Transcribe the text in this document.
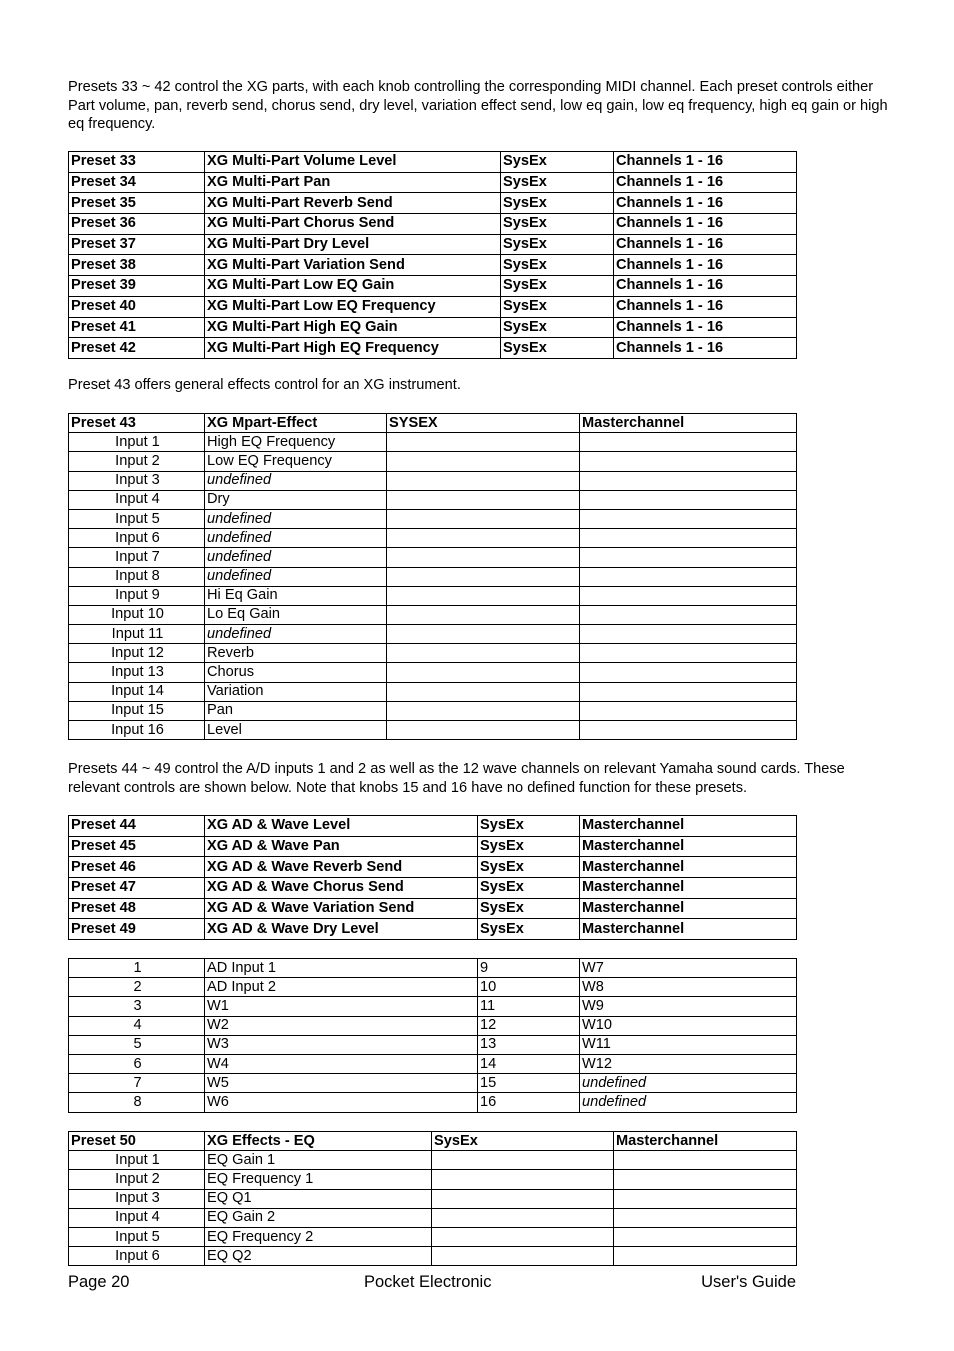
Presets 33 ~ 42 control the XG parts, with each knob controlling the corresponding MIDI channel. Each preset controls either Part volume, pan, reverb send, chorus send, dry level, variation effect send, low eq gain, low eq frequency, high eq gain or high eq frequency.

Preset 33	XG Multi-Part Volume Level	SysEx	Channels 1 - 16
Preset 34	XG Multi-Part Pan	SysEx	Channels 1 - 16
Preset 35	XG Multi-Part Reverb Send	SysEx	Channels 1 - 16
Preset 36	XG Multi-Part Chorus Send	SysEx	Channels 1 - 16
Preset 37	XG Multi-Part Dry Level	SysEx	Channels 1 - 16
Preset 38	XG Multi-Part Variation Send	SysEx	Channels 1 - 16
Preset 39	XG Multi-Part Low EQ Gain	SysEx	Channels 1 - 16
Preset 40	XG Multi-Part Low EQ Frequency	SysEx	Channels 1 - 16
Preset 41	XG Multi-Part High EQ Gain	SysEx	Channels 1 - 16
Preset 42	XG Multi-Part High EQ Frequency	SysEx	Channels 1 - 16

Preset 43 offers general effects control for an XG instrument.

Preset 43	XG Mpart-Effect	SYSEX	Masterchannel
Input 1	High EQ Frequency		
Input 2	Low EQ Frequency		
Input 3	undefined		
Input 4	Dry		
Input 5	undefined		
Input 6	undefined		
Input 7	undefined		
Input 8	undefined		
Input 9	Hi Eq Gain		
Input 10	Lo Eq Gain		
Input 11	undefined		
Input 12	Reverb		
Input 13	Chorus		
Input 14	Variation		
Input 15	Pan		
Input 16	Level		

Presets 44 ~ 49 control the A/D inputs 1 and 2 as well as the 12 wave channels on relevant Yamaha sound cards. These relevant controls are shown below. Note that knobs 15 and 16 have no defined function for these presets.

Preset 44	XG AD & Wave Level	SysEx	Masterchannel
Preset 45	XG AD & Wave Pan	SysEx	Masterchannel
Preset 46	XG AD & Wave Reverb Send	SysEx	Masterchannel
Preset 47	XG AD & Wave Chorus Send	SysEx	Masterchannel
Preset 48	XG AD & Wave Variation Send	SysEx	Masterchannel
Preset 49	XG AD & Wave Dry Level	SysEx	Masterchannel
1	AD Input 1	9	W7
2	AD Input 2	10	W8
3	W1	11	W9
4	W2	12	W10
5	W3	13	W11
6	W4	14	W12
7	W5	15	undefined
8	W6	16	undefined
Preset 50	XG Effects - EQ	SysEx	Masterchannel
Input 1	EQ Gain 1		
Input 2	EQ Frequency 1		
Input 3	EQ Q1		
Input 4	EQ Gain 2		
Input 5	EQ Frequency 2		
Input 6	EQ Q2		
Page 20	Pocket Electronic	User's Guide
